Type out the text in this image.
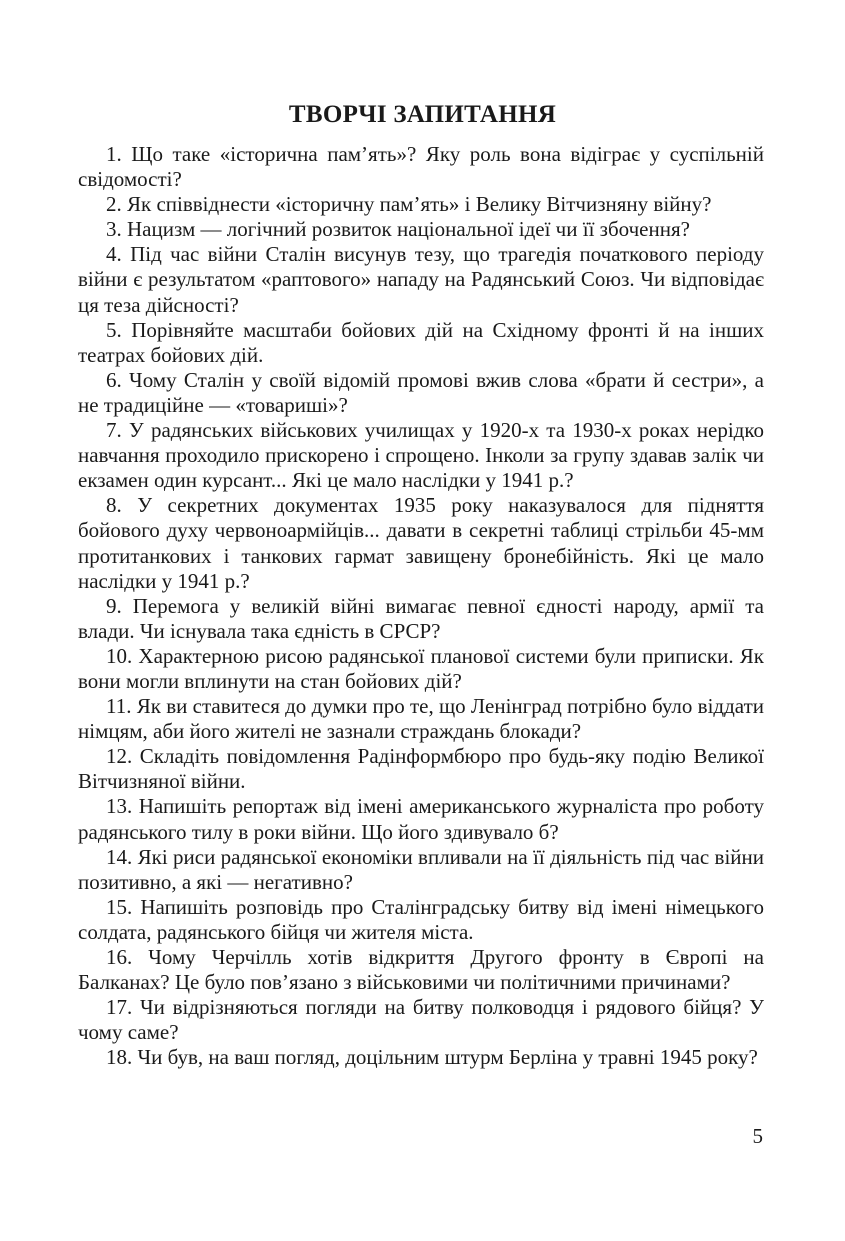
ТВОРЧІ ЗАПИТАННЯ

1. Що таке «історична пам’ять»? Яку роль вона відіграє у суспільній свідомості?

2. Як співвіднести «історичну пам’ять» і Велику Вітчизняну війну?

3. Нацизм — логічний розвиток національної ідеї чи її збочення?

4. Під час війни Сталін висунув тезу, що трагедія початкового періоду війни є результатом «раптового» нападу на Радянський Союз. Чи відповідає ця теза дійсності?

5. Порівняйте масштаби бойових дій на Східному фронті й на інших театрах бойових дій.

6. Чому Сталін у своїй відомій промові вжив слова «брати й сестри», а не традиційне — «товариші»?

7. У радянських військових училищах у 1920-х та 1930-х роках нерідко навчання проходило прискорено і спрощено. Інколи за групу здавав залік чи екзамен один курсант... Які це мало наслідки у 1941 р.?

8. У секретних документах 1935 року наказувалося для підняття бойового духу червоноармійців... давати в секретні таблиці стрільби 45-мм протитанкових і танкових гармат завищену бронебійність. Які це мало наслідки у 1941 р.?

9. Перемога у великій війні вимагає певної єдності народу, армії та влади. Чи існувала така єдність в СРСР?

10. Характерною рисою радянської планової системи були приписки. Як вони могли вплинути на стан бойових дій?

11. Як ви ставитеся до думки про те, що Ленінград потрібно було віддати німцям, аби його жителі не зазнали страждань блокади?

12. Складіть повідомлення Радінформбюро про будь-яку подію Великої Вітчизняної війни.

13. Напишіть репортаж від імені американського журналіста про роботу радянського тилу в роки війни. Що його здивувало б?

14. Які риси радянської економіки впливали на її діяльність під час війни позитивно, а які — негативно?

15. Напишіть розповідь про Сталінградську битву від імені німецького солдата, радянського бійця чи жителя міста.

16. Чому Черчілль хотів відкриття Другого фронту в Європі на Балканах? Це було пов’язано з військовими чи політичними причинами?

17. Чи відрізняються погляди на битву полководця і рядового бійця? У чому саме?

18. Чи був, на ваш погляд, доцільним штурм Берліна у травні 1945 року?

5
